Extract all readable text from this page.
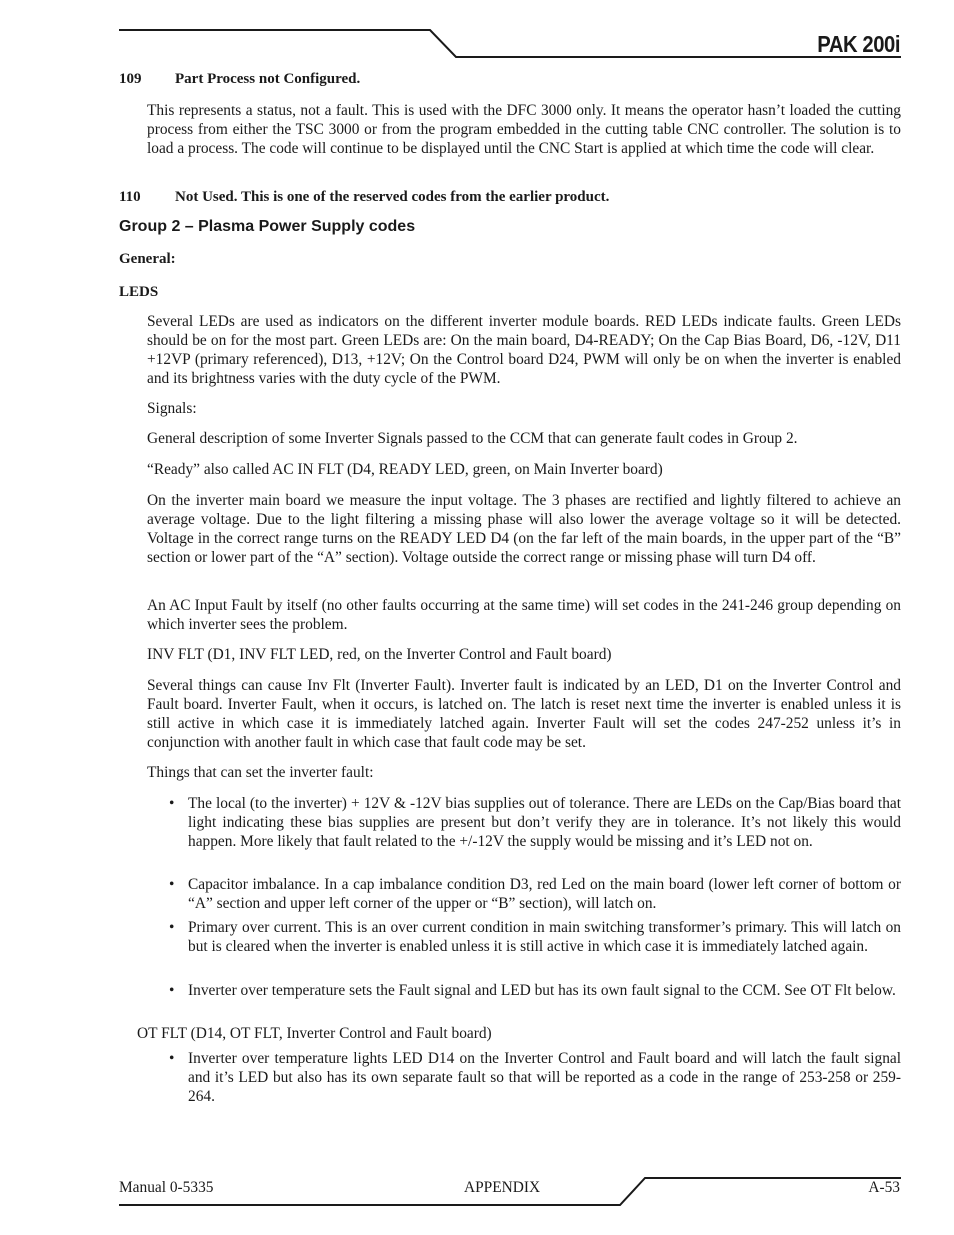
PAK 200i
109 Part Process not Configured.
This represents a status, not a fault. This is used with the DFC 3000 only. It means the operator hasn’t loaded the cutting process from either the TSC 3000 or from the program embedded in the cutting table CNC controller. The solution is to load a process. The code will continue to be displayed until the CNC Start is applied at which time the code will clear.
110 Not Used. This is one of the reserved codes from the earlier product.
Group 2 – Plasma Power Supply codes
General:
LEDS
Several LEDs are used as indicators on the different inverter module boards. RED LEDs indicate faults. Green LEDs should be on for the most part. Green LEDs are: On the main board, D4-READY; On the Cap Bias Board, D6, -12V, D11 +12VP (primary referenced), D13, +12V; On the Control board D24, PWM will only be on when the inverter is enabled and its brightness varies with the duty cycle of the PWM.
Signals:
General description of some Inverter Signals passed to the CCM that can generate fault codes in Group 2.
“Ready” also called AC IN FLT (D4, READY LED, green, on Main Inverter board)
On the inverter main board we measure the input voltage. The 3 phases are rectified and lightly filtered to achieve an average voltage. Due to the light filtering a missing phase will also lower the average voltage so it will be detected. Voltage in the correct range turns on the READY LED D4 (on the far left of the main boards, in the upper part of the “B” section or lower part of the “A” section). Voltage outside the correct range or missing phase will turn D4 off.
An AC Input Fault by itself (no other faults occurring at the same time) will set codes in the 241-246 group depending on which inverter sees the problem.
INV FLT (D1, INV FLT LED, red, on the Inverter Control and Fault board)
Several things can cause Inv Flt (Inverter Fault). Inverter fault is indicated by an LED, D1 on the Inverter Control and Fault board. Inverter Fault, when it occurs, is latched on. The latch is reset next time the inverter is enabled unless it is still active in which case it is immediately latched again. Inverter Fault will set the codes 247-252 unless it’s in conjunction with another fault in which case that fault code may be set.
Things that can set the inverter fault:
• The local (to the inverter) + 12V & -12V bias supplies out of tolerance. There are LEDs on the Cap/Bias board that light indicating these bias supplies are present but don’t verify they are in tolerance. It’s not likely this would happen. More likely that fault related to the +/-12V the supply would be missing and it’s LED not on.
• Capacitor imbalance. In a cap imbalance condition D3, red Led on the main board (lower left corner of bottom or “A” section and upper left corner of the upper or “B” section), will latch on.
• Primary over current. This is an over current condition in main switching transformer’s primary. This will latch on but is cleared when the inverter is enabled unless it is still active in which case it is immediately latched again.
• Inverter over temperature sets the Fault signal and LED but has its own fault signal to the CCM. See OT Flt below.
OT FLT (D14, OT FLT, Inverter Control and Fault board)
• Inverter over temperature lights LED D14 on the Inverter Control and Fault board and will latch the fault signal and it’s LED but also has its own separate fault so that will be reported as a code in the range of 253-258 or 259-264.
Manual 0-5335	APPENDIX	A-53
